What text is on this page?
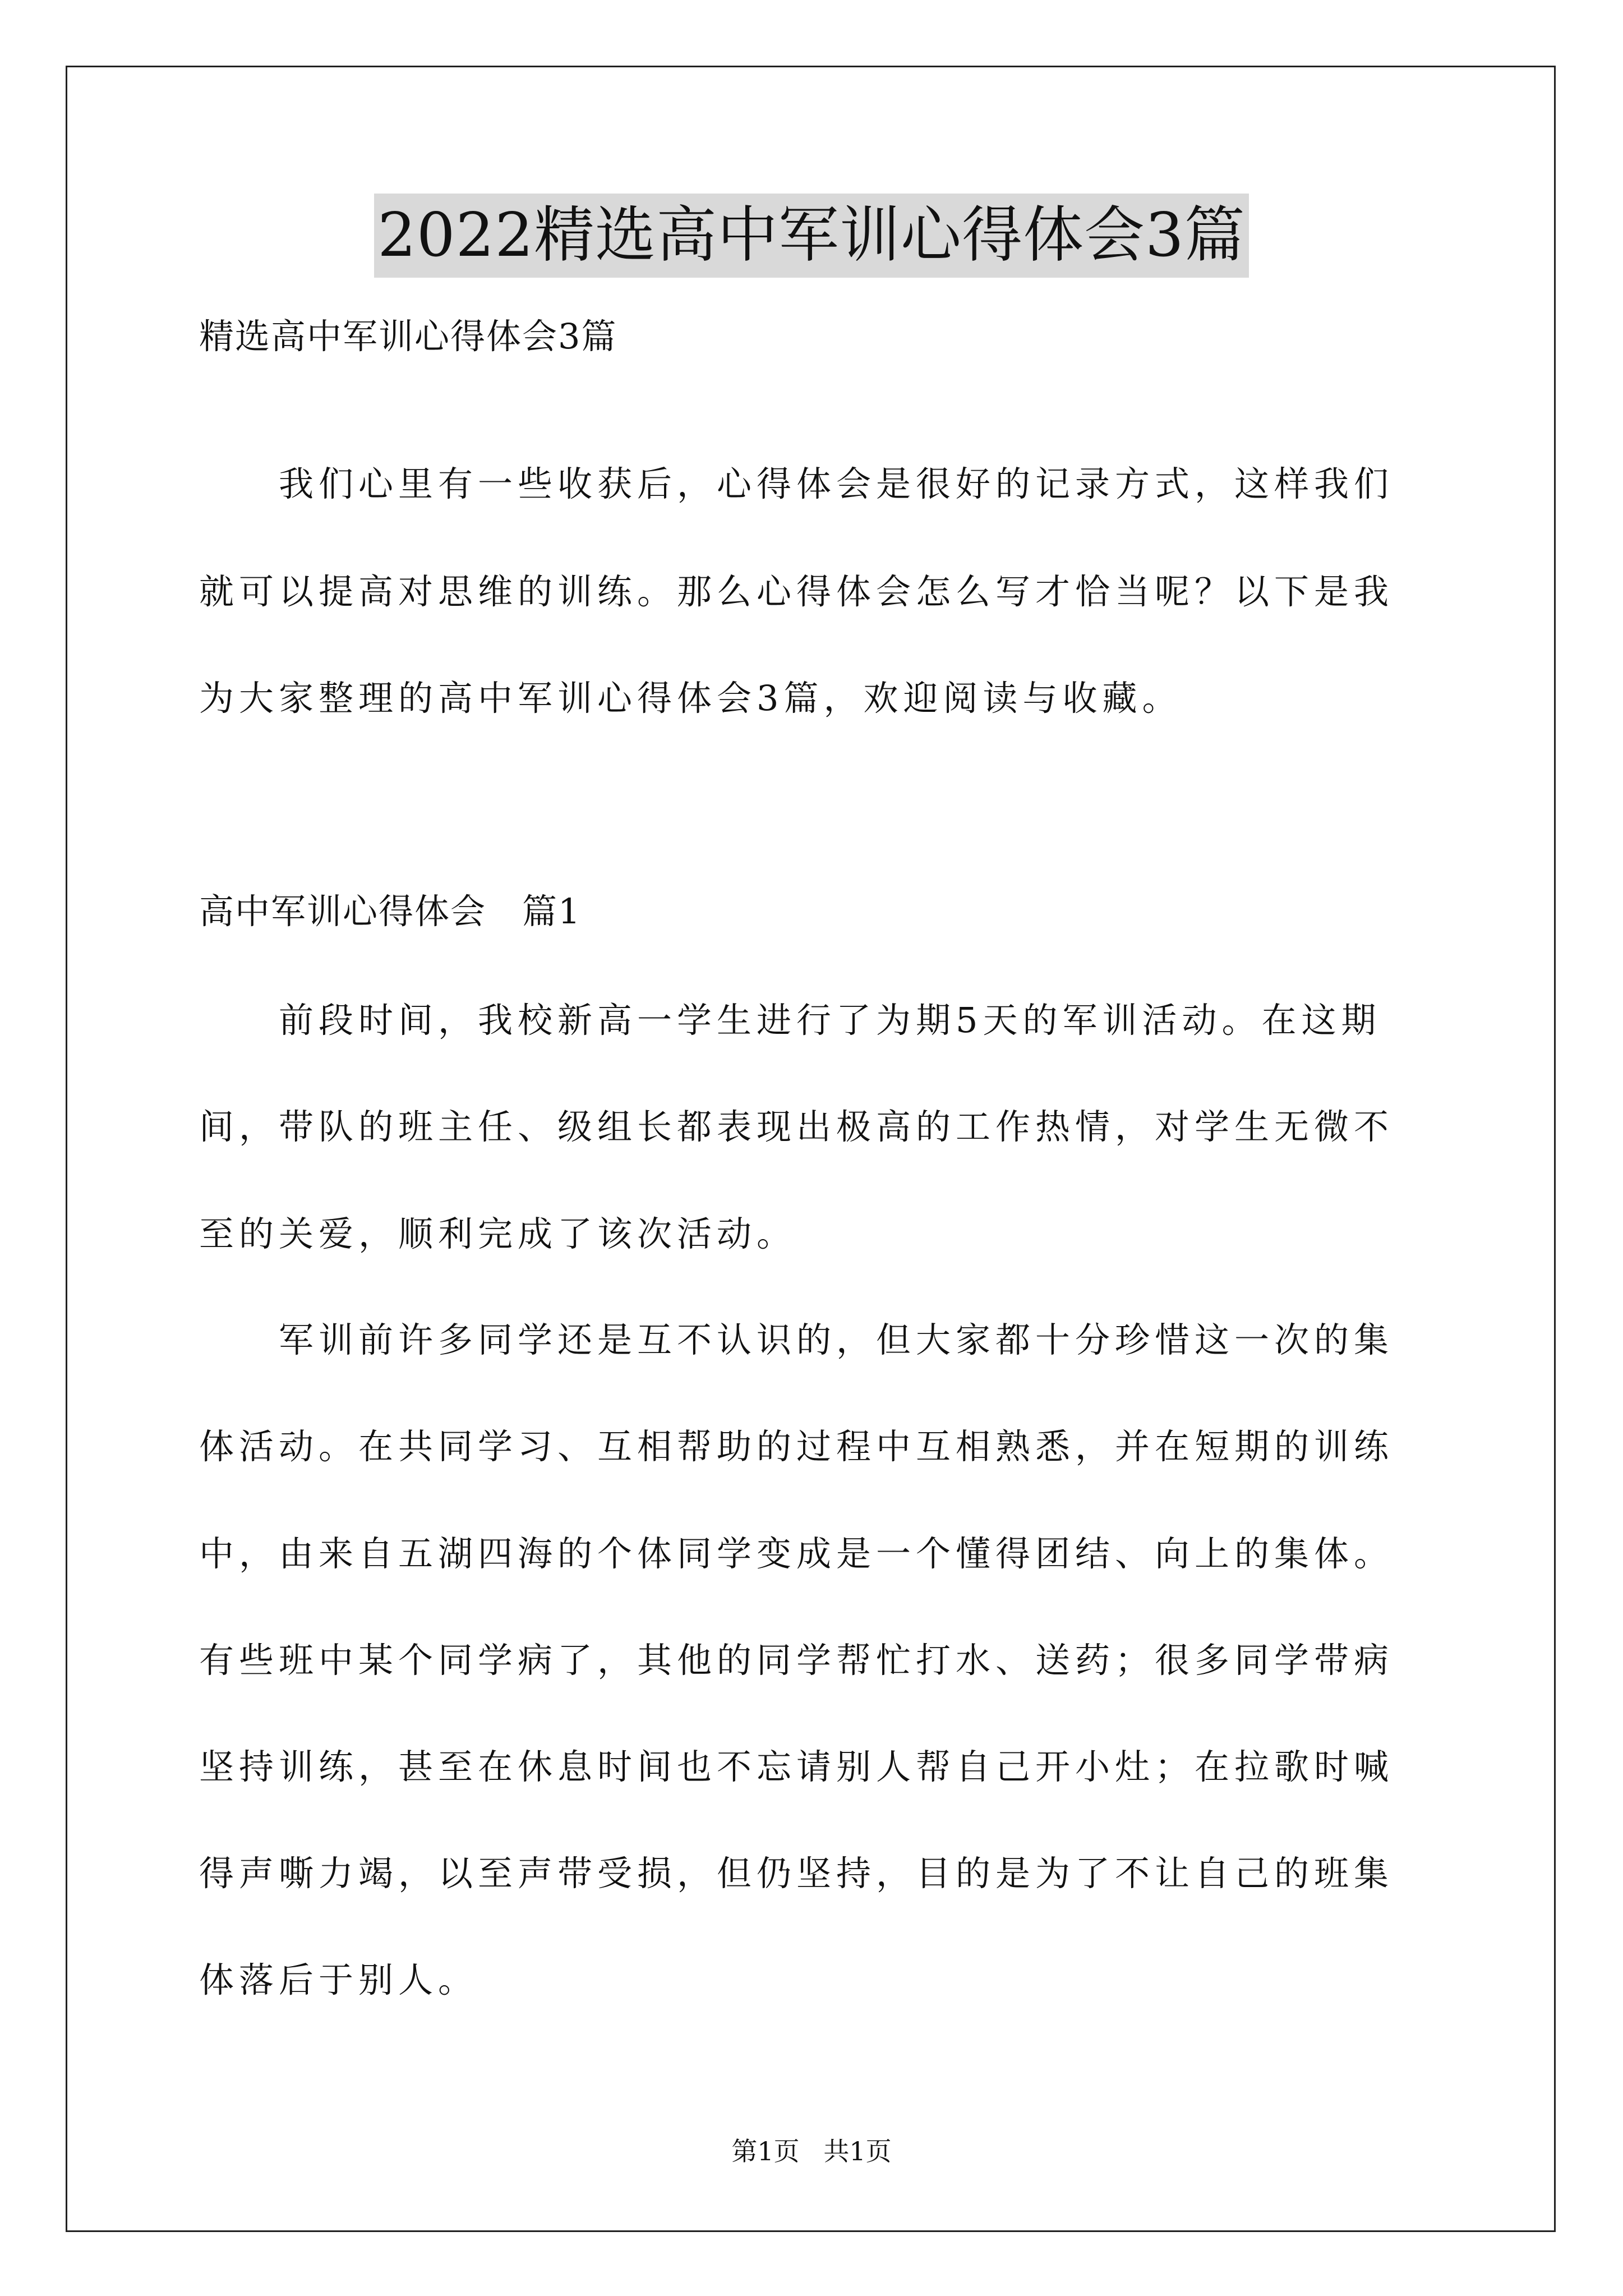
2022精选高中军训心得体会3篇
精选高中军训心得体会3篇
　　我们心里有一些收获后，心得体会是很好的记录方式，这样我们
就可以提高对思维的训练。那么心得体会怎么写才恰当呢？以下是我
为大家整理的高中军训心得体会3篇，欢迎阅读与收藏。
高中军训心得体会　篇1
　　前段时间，我校新高一学生进行了为期5天的军训活动。在这期
间，带队的班主任、级组长都表现出极高的工作热情，对学生无微不
至的关爱，顺利完成了该次活动。
　　军训前许多同学还是互不认识的，但大家都十分珍惜这一次的集
体活动。在共同学习、互相帮助的过程中互相熟悉，并在短期的训练
中，由来自五湖四海的个体同学变成是一个懂得团结、向上的集体。
有些班中某个同学病了，其他的同学帮忙打水、送药；很多同学带病
坚持训练，甚至在休息时间也不忘请别人帮自己开小灶；在拉歌时喊
得声嘶力竭，以至声带受损，但仍坚持，目的是为了不让自己的班集
体落后于别人。
第1页 共1页
